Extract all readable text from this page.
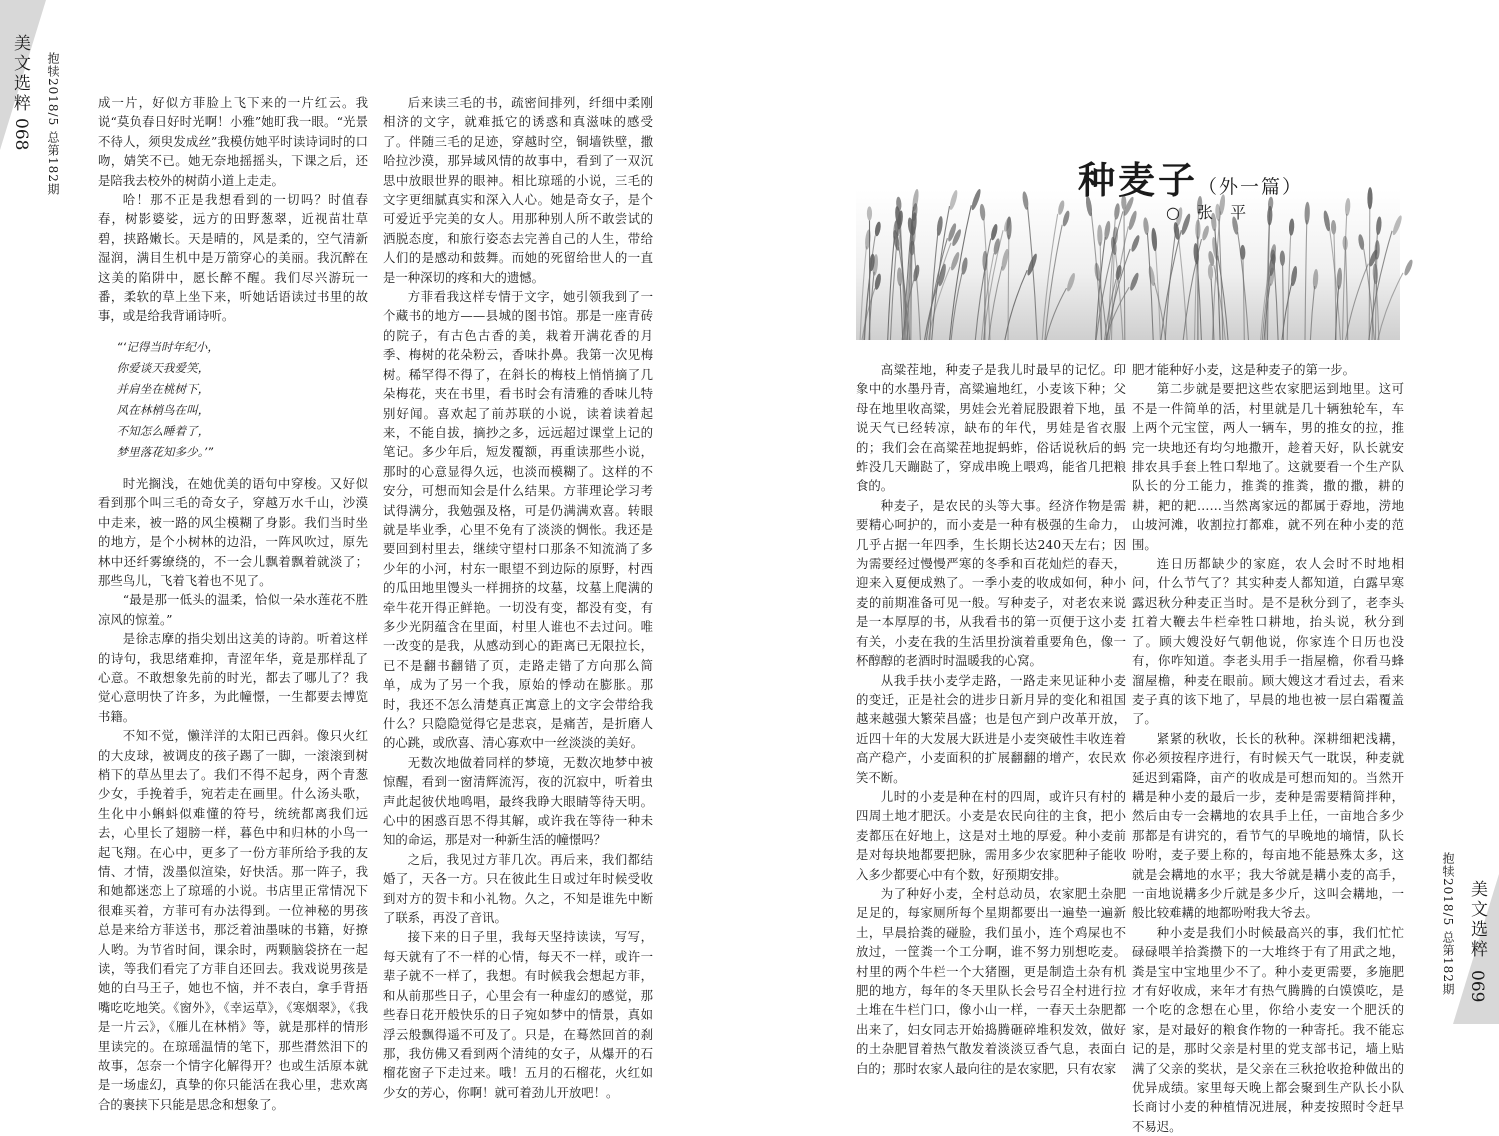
美文选粹
068 抱犊2018/5 总第182期	成一片，好似方菲脸上飞下来的一片红云。我说“莫负春日好时光啊！小雅”她盯我一眼。“光景不待人，须臾发成丝”我模仿她平时读诗词时的口吻，婧笑不已。她无奈地摇摇头，下课之后，还是陪我去校外的树荫小道上走走。

哈！那不正是我想看到的一切吗？时值春春，树影婆娑，远方的田野葱翠，近视苗壮草碧，挟路嫩长。天是晴的，风是柔的，空气清新湿润，满目生机中是万箭穿心的美丽。我沉醉在这美的陷阱中，愿长醉不醒。我们尽兴游玩一番，柔软的草上坐下来，听她话语读过书里的故事，或是给我背诵诗听。

“‘记得当时年纪小，

你爱谈天我爱笑，

并肩坐在桃树下，

风在林梢鸟在叫，

不知怎么睡着了，

梦里落花知多少。’”

时光搁浅，在她优美的语句中穿梭。又好似看到那个叫三毛的奇女子，穿越万水千山，沙漠中走来，被一路的风尘模糊了身影。我们当时坐的地方，是个小树林的边沿，一阵风吹过，原先林中还纤雾缭绕的，不一会儿飘着飘着就淡了；那些鸟儿，飞着飞着也不见了。

“最是那一低头的温柔，恰似一朵水莲花不胜凉风的惊羞。”

是徐志摩的指尖划出这美的诗韵。听着这样的诗句，我思绪难抑，青涩年华，竟是那样乱了心意。不敢想象先前的时光，都去了哪儿了？我觉心意明快了许多，为此幢憬，一生都要去博览书籍。

不知不觉，懒洋洋的太阳已西斜。像只火红的大皮球，被调皮的孩子踢了一脚，一滚滚到树梢下的草丛里去了。我们不得不起身，两个青葱少女，手挽着手，宛若走在画里。什么汤头歌，生化中小蝌蚪似难懂的符号，统统都离我们远去，心里长了翅膀一样，暮色中和归林的小鸟一起飞翔。在心中，更多了一份方菲所给予我的友情、才情，泼墨似渲染，好快活。那一阵子，我和她都迷恋上了琼瑶的小说。书店里正常情况下很难买着，方菲可有办法得到。一位神秘的男孩总是来给方菲送书，那泛着油墨味的书籍，好撩人哟。为节省时间，课余时，两颗脑袋挤在一起读，等我们看完了方菲自还回去。我戏说男孩是她的白马王子，她也不恼，并不表白，拿手背捂嘴吃吃地笑。《窗外》，《幸运草》，《寒烟翠》，《我是一片云》，《雁儿在林梢》等，就是那样的情形里读完的。在琼瑶温情的笔下，那些潸然泪下的故事，怎奈一个情字化解得开？也或生活原本就是一场虚幻，真挚的你只能活在我心里，悲欢离合的裹挟下只能是思念和想象了。

后来读三毛的书，疏密间排列，纤细中柔刚相济的文字，就难抵它的诱惑和真滋味的感受了。伴随三毛的足迹，穿越时空，铜墙铁壁，撒哈拉沙漠，那异域风情的故事中，看到了一双沉思中放眼世界的眼神。相比琼瑶的小说，三毛的文字更细腻真实和深入人心。她是奇女子，是个可爱近乎完美的女人。用那种别人所不敢尝试的洒脱态度，和旅行姿态去完善自己的人生，带给人们的是感动和鼓舞。而她的死留给世人的一直是一种深切的疼和大的遗憾。

方菲看我这样专情于文字，她引领我到了一个藏书的地方——县城的图书馆。那是一座青砖的院子，有古色古香的美，栽着开满花香的月季、梅树的花朵粉云，香味扑鼻。我第一次见梅树。稀罕得不得了，在斜长的梅枝上悄悄摘了几朵梅花，夹在书里，看书时会有清雅的香味儿特别好闻。喜欢起了前苏联的小说，读着读着起来，不能自拔，摘抄之多，远远超过课堂上记的笔记。多少年后，短发覆额，再重读那些小说，那时的心意显得久远，也淡而模糊了。这样的不安分，可想而知会是什么结果。方菲理论学习考试得满分，我勉强及格，可是仍满满欢喜。转眼就是毕业季，心里不免有了淡淡的惆怅。我还是要回到村里去，继续守望村口那条不知流淌了多少年的小河，村东一眼望不到边际的原野，村西的瓜田地里馒头一样拥挤的坟墓，坟墓上爬满的牵牛花开得正鲜艳。一切没有变，都没有变，有多少光阴蕴含在里面，村里人谁也不去过问。唯一改变的是我，从感动到心的距离已无限拉长，已不是翻书翻错了页，走路走错了方向那么简单，成为了另一个我，原始的悸动在膨胀。那时，我还不怎么清楚真正寓意上的文字会带给我什么？只隐隐觉得它是悲哀，是痛苦，是折磨人的心跳，或欣喜、清心寡欢中一丝淡淡的美好。

无数次地做着同样的梦境，无数次地梦中被惊醒，看到一窗清辉流泻，夜的沉寂中，听着虫声此起彼伏地鸣唱，最终我睁大眼睛等待天明。心中的困惑百思不得其解，或许我在等待一种未知的命运，那是对一种新生活的幢憬吗？

之后，我见过方菲几次。再后来，我们都结婚了，天各一方。只在彼此生日或过年时候受收到对方的贺卡和小礼物。久之，不知是谁先中断了联系，再没了音讯。

接下来的日子里，我每天坚持读读，写写，每天就有了不一样的心情，每天不一样，或许一辈子就不一样了，我想。有时候我会想起方菲，和从前那些日子，心里会有一种虚幻的感觉，那些春日花开般快乐的日子宛如梦中的情景，真如浮云般飘得遥不可及了。只是，在蓦然回首的刹那，我仿佛又看到两个清纯的女子，从爆开的石榴花窗子下走过来。哦！五月的石榴花，火红如少女的芳心，你啊！就可着劲儿开放吧！。

种麦子（外一篇）
○ 张 平

高粱茬地，种麦子是我儿时最早的记忆。印象中的水墨丹青，高粱遍地红，小麦该下种；父母在地里收高粱，男娃会光着屁股跟着下地，虽说天气已经转凉，缺布的年代，男娃是省衣服的；我们会在高粱茬地捉蚂蚱，俗话说秋后的蚂蚱没几天蹦跶了，穿成串晚上喂鸡，能省几把粮食的。

种麦子，是农民的头等大事。经济作物是需要精心呵护的，而小麦是一种有极强的生命力，几乎占据一年四季，生长期长达240天左右；因为需要经过慢慢严寒的冬季和百花灿烂的春天，迎来入夏便成熟了。一季小麦的收成如何，种小麦的前期准备可见一般。写种麦子，对老农来说是一本厚厚的书，从我看书的第一页便于这小麦有关，小麦在我的生活里扮演着重要角色，像一杯醇醇的老酒时时温暖我的心窝。

从我手扶小麦学走路，一路走来见证种小麦的变迁，正是社会的进步日新月异的变化和祖国越来越强大繁荣昌盛；也是包产到户改革开放，近四十年的大发展大跃进是小麦突破性丰收连着高产稳产，小麦面积的扩展翻翻的增产，农民欢笑不断。

儿时的小麦是种在村的四周，或许只有村的四周土地才肥沃。小麦是农民向往的主食，把小麦都压在好地上，这是对土地的厚爱。种小麦前是对每块地都要把脉，需用多少农家肥种子能收入多少都要心中有个数，好预期安排。

为了种好小麦，全村总动员，农家肥土杂肥足足的，每家厕所每个星期都要出一遍垫一遍新土，早晨拾粪的碰脸，我们虽小，连个鸡屎也不放过，一筐粪一个工分啊，谁不努力别想吃麦。村里的两个牛栏一个大猪圈，更是制造土杂有机肥的地方，每年的冬天里队长会号召全村进行拉土堆在牛栏门口，像小山一样，一春天土杂肥都出来了，妇女同志开始捣腾砸碎堆积发效，做好的土杂肥冒着热气散发着淡淡豆香气息，表面白白的；那时农家人最向往的是农家肥，只有农家

肥才能种好小麦，这是种麦子的第一步。

第二步就是要把这些农家肥运到地里。这可不是一件简单的活，村里就是几十辆独轮车，车上两个元宝筐，两人一辆车，男的推女的拉，推完一块地还有均匀地撒开，趁着天好，队长就安排农具手套上牲口犁地了。这就要看一个生产队队长的分工能力，推粪的推粪，撒的撒，耕的耕，耙的耙……当然离家远的都属于孬地，涝地山坡河滩，收割拉打都难，就不列在种小麦的范围。

连日历都缺少的家庭，农人会时不时地相问，什么节气了？其实种麦人都知道，白露早寒露迟秋分种麦正当时。是不是秋分到了，老李头扛着大鞭去牛栏牵牲口耕地，抬头说，秋分到了。顾大嫂没好气朝他说，你家连个日历也没有，你咋知道。李老头用手一指屋檐，你看马蜂溜屋檐，种麦在眼前。顾大嫂这才看过去，看来麦子真的该下地了，早晨的地也被一层白霜覆盖了。

紧紧的秋收，长长的秋种。深耕细耙浅耩，你必须按程序进行，有时候天气一耽误，种麦就延迟到霜降，亩产的收成是可想而知的。当然开耩是种小麦的最后一步，麦种是需要精简拌种，然后由专一会耩地的农具手上任，一亩地合多少那都是有讲究的，看节气的早晚地的墒情，队长吩咐，麦子要上称的，每亩地不能悬殊太多，这就是会耩地的水平；我大爷就是耩小麦的高手，一亩地说耩多少斤就是多少斤，这叫会耩地，一般比较难耩的地都吩咐我大爷去。

种小麦是我们小时候最高兴的事，我们忙忙碌碌喂羊拾粪攒下的一大堆终于有了用武之地，粪是宝中宝地里少不了。种小麦更需要，多施肥才有好收成，来年才有热气腾腾的白馍馍吃，是一个吃的念想在心里，你给小麦安一个肥沃的家，是对最好的粮食作物的一种寄托。我不能忘记的是，那时父亲是村里的党支部书记，墙上贴满了父亲的奖状，是父亲在三秋抢收抢种做出的优异成绩。家里每天晚上都会聚到生产队长小队长商讨小麦的种植情况进展，种麦按照时令赶早不易迟。

抱犊2018/5 总第182期 美文选粹
069
